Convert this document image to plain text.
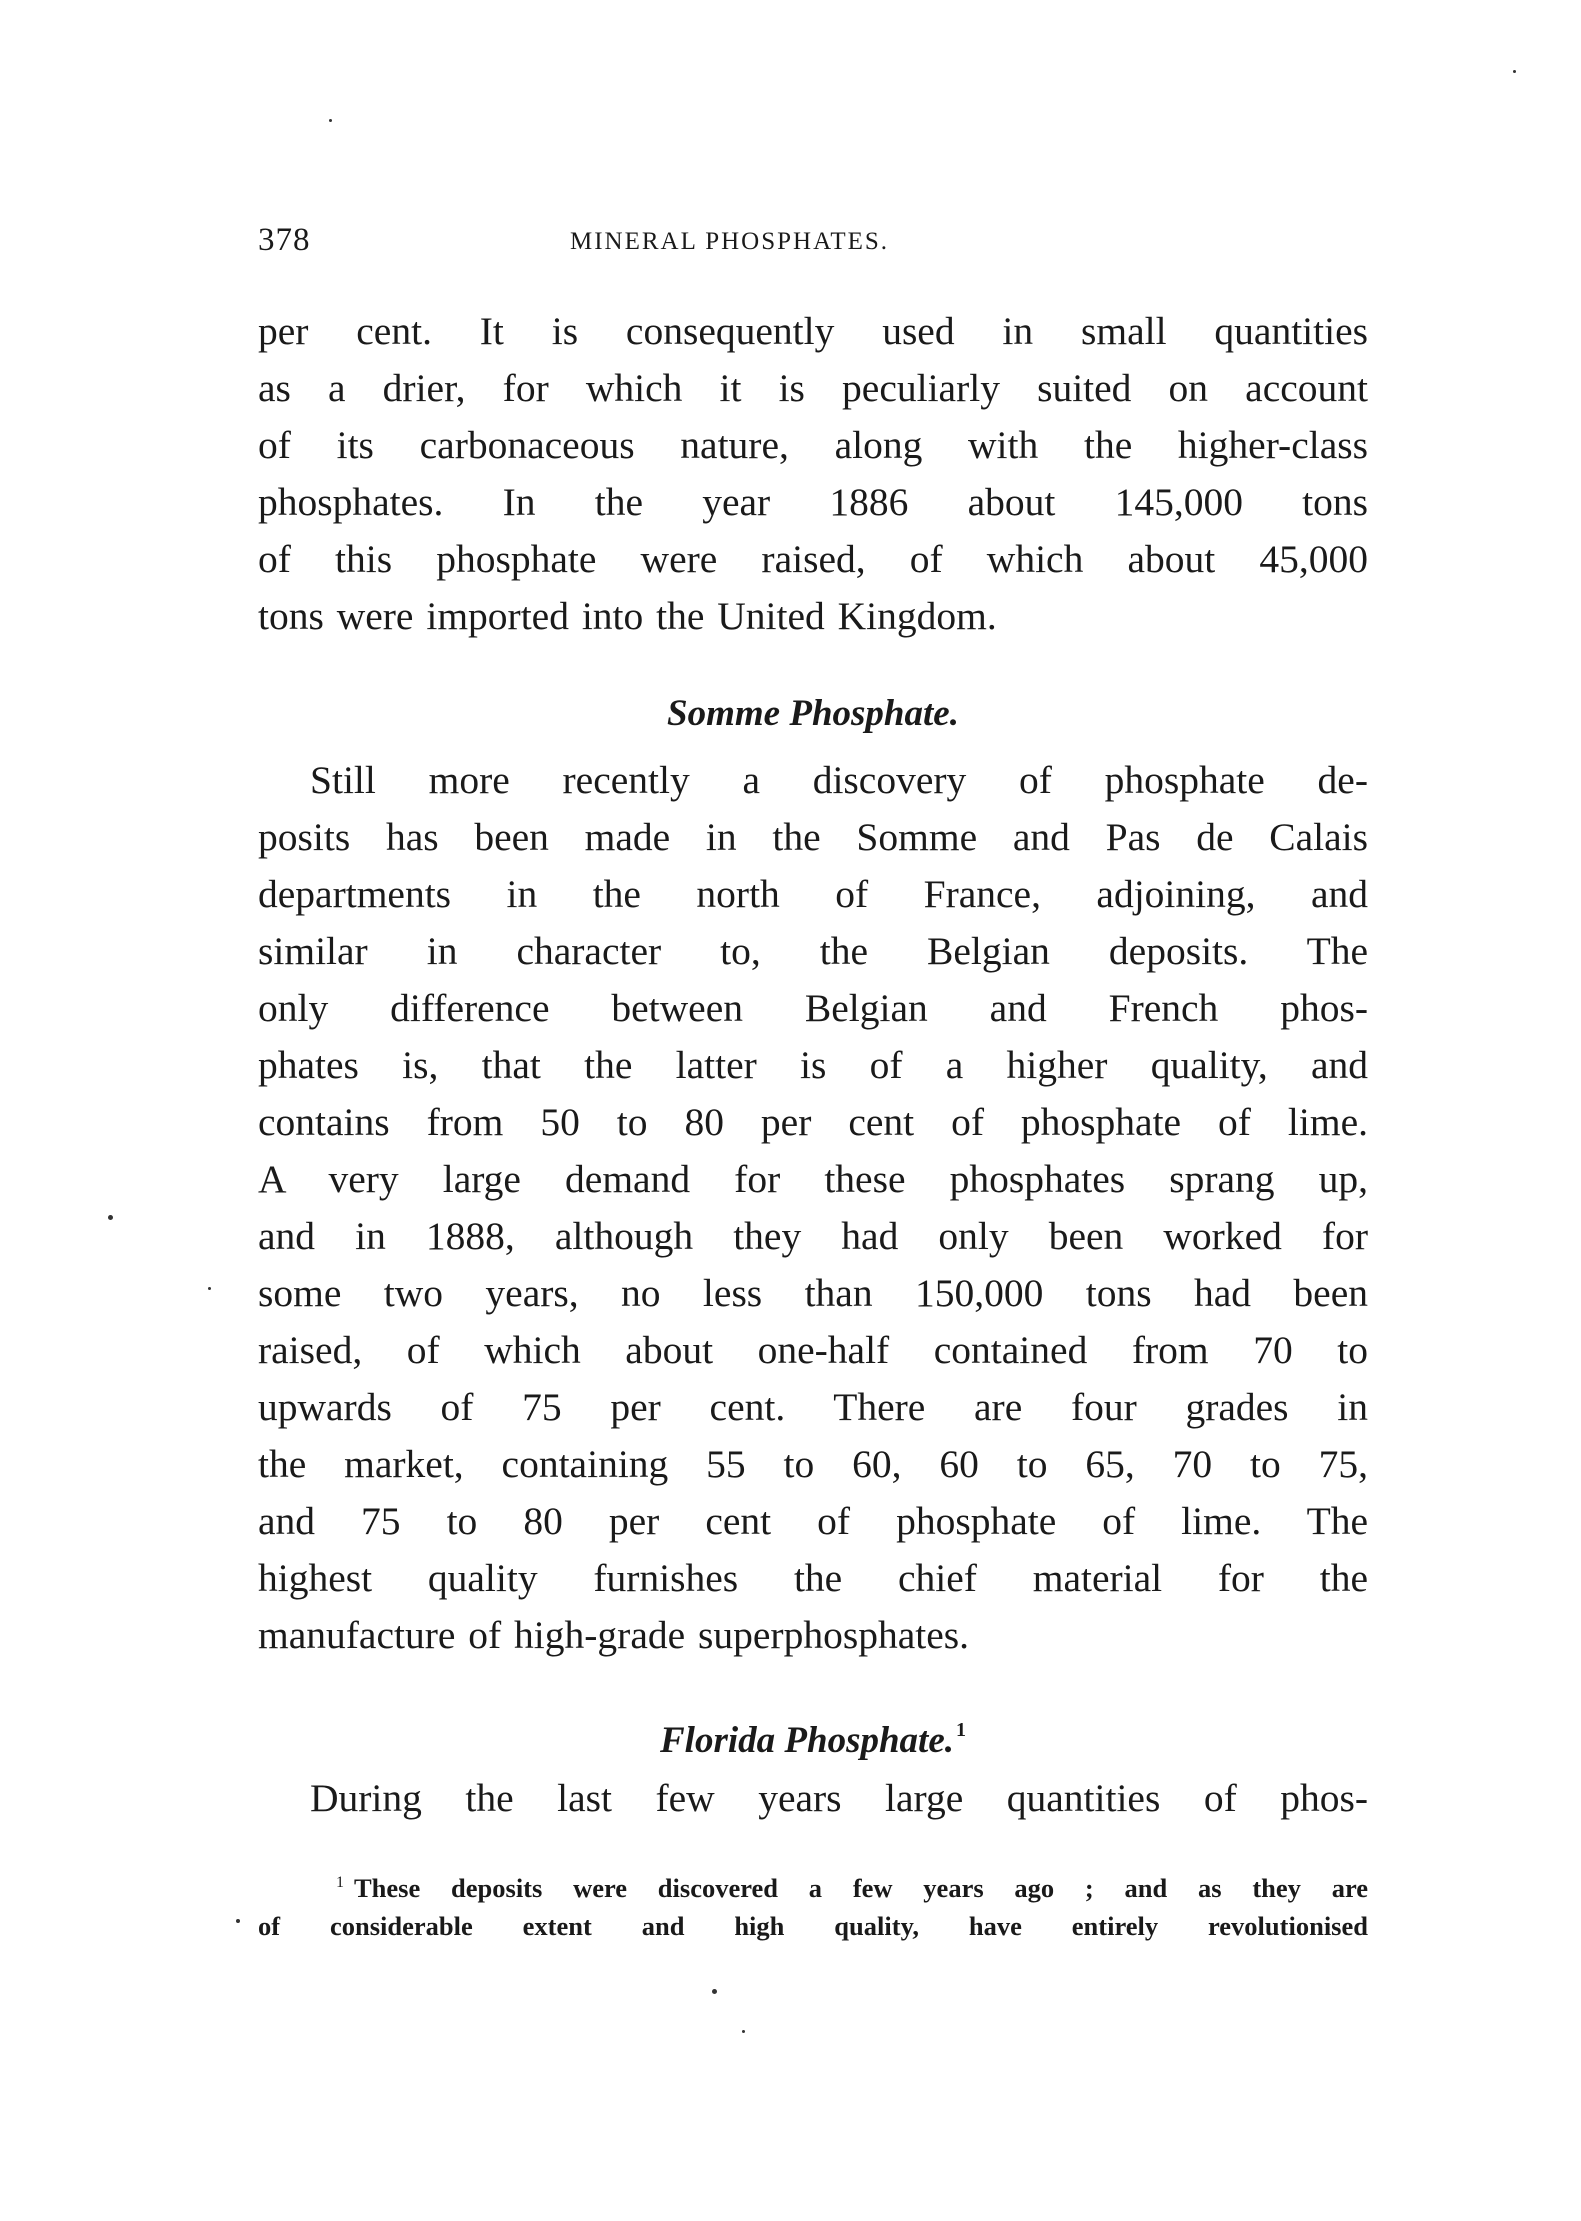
378	MINERAL PHOSPHATES.

per cent. It is consequently used in small quantities
as a drier, for which it is peculiarly suited on account
of its carbonaceous nature, along with the higher-class
phosphates. In the year 1886 about 145,000 tons
of this phosphate were raised, of which about 45,000
tons were imported into the United Kingdom.

Somme Phosphate.

Still more recently a discovery of phosphate de-
posits has been made in the Somme and Pas de Calais
departments in the north of France, adjoining, and
similar in character to, the Belgian deposits. The
only difference between Belgian and French phos-
phates is, that the latter is of a higher quality, and
contains from 50 to 80 per cent of phosphate of lime.
A very large demand for these phosphates sprang up,
and in 1888, although they had only been worked for
some two years, no less than 150,000 tons had been
raised, of which about one-half contained from 70 to
upwards of 75 per cent. There are four grades in
the market, containing 55 to 60, 60 to 65, 70 to 75,
and 75 to 80 per cent of phosphate of lime. The
highest quality furnishes the chief material for the
manufacture of high-grade superphosphates.

Florida Phosphate. $^1$

During the last few years large quantities of phos-

$^1$ These deposits were discovered a few years ago ; and as they are
of considerable extent and high quality, have entirely revolutionised
